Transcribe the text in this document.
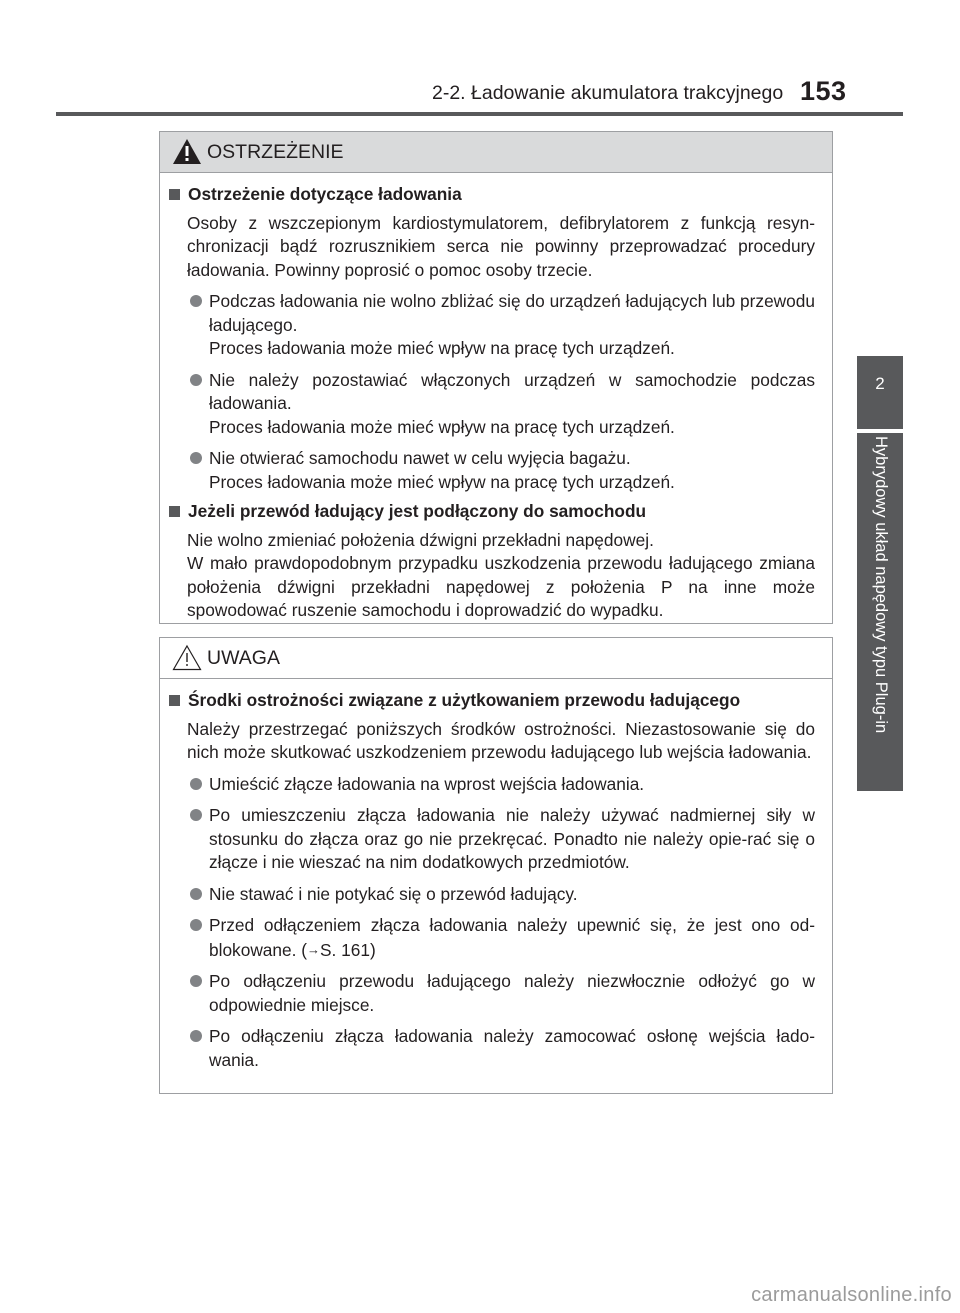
2-2. Ładowanie akumulatora trakcyjnego 153
2
Hybrydowy układ napędowy typu Plug-in
OSTRZEŻENIE
Ostrzeżenie dotyczące ładowania
Osoby z wszczepionym kardiostymulatorem, defibrylatorem z funkcją resyn-chronizacji bądź rozrusznikiem serca nie powinny przeprowadzać procedury ładowania. Powinny poprosić o pomoc osoby trzecie.
Podczas ładowania nie wolno zbliżać się do urządzeń ładujących lub przewodu ładującego.
Proces ładowania może mieć wpływ na pracę tych urządzeń.
Nie należy pozostawiać włączonych urządzeń w samochodzie podczas ładowania.
Proces ładowania może mieć wpływ na pracę tych urządzeń.
Nie otwierać samochodu nawet w celu wyjęcia bagażu.
Proces ładowania może mieć wpływ na pracę tych urządzeń.
Jeżeli przewód ładujący jest podłączony do samochodu
Nie wolno zmieniać położenia dźwigni przekładni napędowej.
W mało prawdopodobnym przypadku uszkodzenia przewodu ładującego zmiana położenia dźwigni przekładni napędowej z położenia P na inne może spowodować ruszenie samochodu i doprowadzić do wypadku.
UWAGA
Środki ostrożności związane z użytkowaniem przewodu ładującego
Należy przestrzegać poniższych środków ostrożności. Niezastosowanie się do nich może skutkować uszkodzeniem przewodu ładującego lub wejścia ładowania.
Umieścić złącze ładowania na wprost wejścia ładowania.
Po umieszczeniu złącza ładowania nie należy używać nadmiernej siły w stosunku do złącza oraz go nie przekręcać. Ponadto nie należy opie-rać się o złącze i nie wieszać na nim dodatkowych przedmiotów.
Nie stawać i nie potykać się o przewód ładujący.
Przed odłączeniem złącza ładowania należy upewnić się, że jest ono od-blokowane. (→S. 161)
Po odłączeniu przewodu ładującego należy niezwłocznie odłożyć go w odpowiednie miejsce.
Po odłączeniu złącza ładowania należy zamocować osłonę wejścia łado-wania.
carmanualsonline.info
